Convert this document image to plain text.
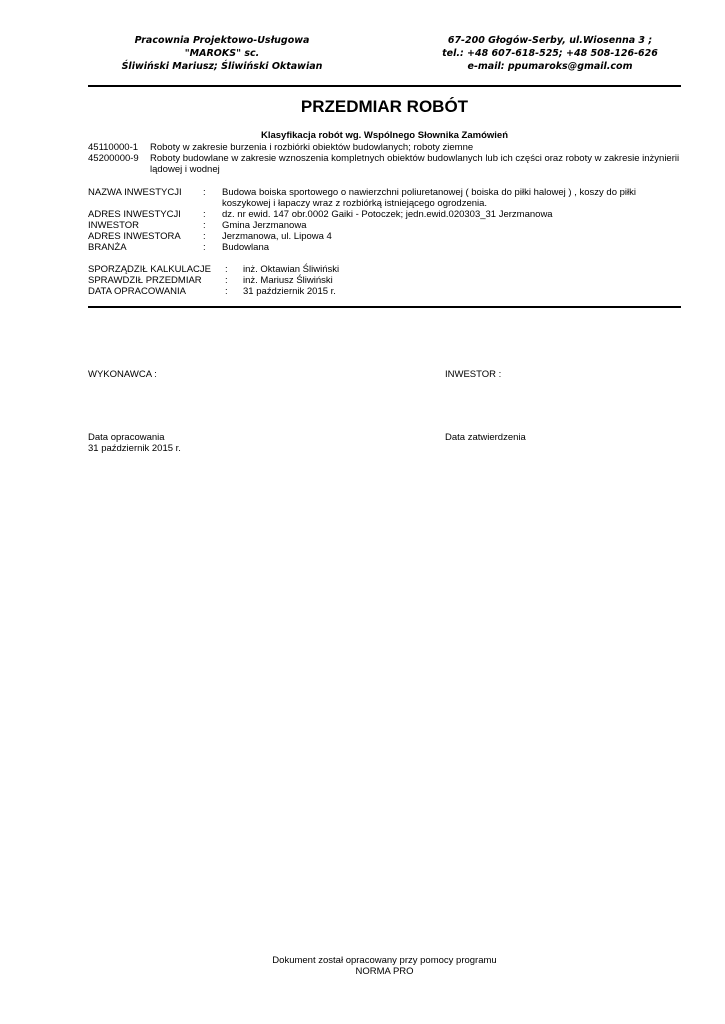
Pracownia Projektowo-Usługowa
"MAROKS" sc.
Śliwiński Mariusz; Śliwiński Oktawian
67-200 Głogów-Serby, ul.Wiosenna 3 ;
tel.: +48 607-618-525; +48 508-126-626
e-mail: ppumaroks@gmail.com
PRZEDMIAR ROBÓT
Klasyfikacja robót wg. Wspólnego Słownika Zamówień
45110000-1 Roboty w zakresie burzenia i rozbiórki obiektów budowlanych; roboty ziemne
45200000-9 Roboty budowlane w zakresie wznoszenia kompletnych obiektów budowlanych lub ich części oraz roboty w zakresie inżynierii lądowej i wodnej
NAZWA INWESTYCJI : Budowa boiska sportowego o nawierzchni poliuretanowej ( boiska do piłki halowej ) , koszy do piłki koszykowej i łapaczy wraz z rozbiórką istniejącego ogrodzenia.
ADRES INWESTYCJI : dz. nr ewid. 147 obr.0002 Gaiki - Potoczek; jedn.ewid.020303_31 Jerzmanowa
INWESTOR	: Gmina Jerzmanowa
ADRES INWESTORA : Jerzmanowa, ul. Lipowa 4
BRANŻA	: Budowlana
SPORZĄDZIŁ KALKULACJE : inż. Oktawian Śliwiński
SPRAWDZIŁ PRZEDMIAR : inż. Mariusz Śliwiński
DATA OPRACOWANIA	: 31 październik 2015 r.
WYKONAWCA :	INWESTOR :
Data opracowania
31 październik 2015 r.
Data zatwierdzenia
Dokument został opracowany przy pomocy programu
NORMA PRO
